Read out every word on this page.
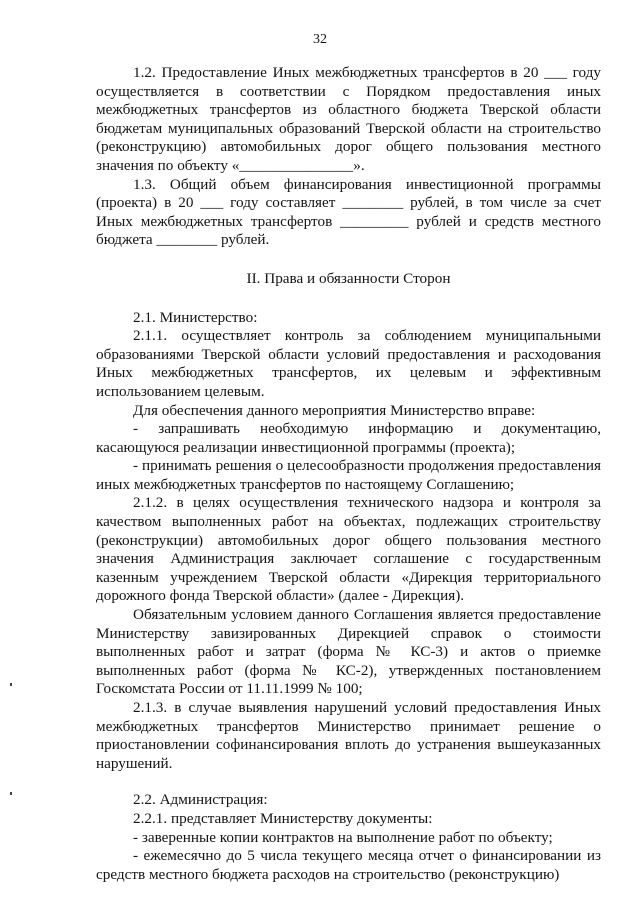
32

1.2. Предоставление Иных межбюджетных трансфертов в 20 ___ году осуществляется в соответствии с Порядком предоставления иных межбюджетных трансфертов из областного бюджета Тверской области бюджетам муниципальных образований Тверской области на строительство (реконструкцию) автомобильных дорог общего пользования местного значения по объекту «_______________».

1.3. Общий объем финансирования инвестиционной программы (проекта) в 20 ___ году составляет ________ рублей, в том числе за счет Иных межбюджетных трансфертов _________ рублей и средств местного бюджета ________ рублей.

II. Права и обязанности Сторон

2.1. Министерство:

2.1.1. осуществляет контроль за соблюдением муниципальными образованиями Тверской области условий предоставления и расходования Иных межбюджетных трансфертов, их целевым и эффективным использованием целевым.

Для обеспечения данного мероприятия Министерство вправе:

- запрашивать необходимую информацию и документацию, касающуюся реализации инвестиционной программы (проекта);

- принимать решения о целесообразности продолжения предоставления иных межбюджетных трансфертов по настоящему Соглашению;

2.1.2. в целях осуществления технического надзора и контроля за качеством выполненных работ на объектах, подлежащих строительству (реконструкции) автомобильных дорог общего пользования местного значения Администрация заключает соглашение с государственным казенным учреждением Тверской области «Дирекция территориального дорожного фонда Тверской области» (далее - Дирекция).

Обязательным условием данного Соглашения является предоставление Министерству завизированных Дирекцией справок о стоимости выполненных работ и затрат (форма № КС-3) и актов о приемке выполненных работ (форма № КС-2), утвержденных постановлением Госкомстата России от 11.11.1999 № 100;

2.1.3. в случае выявления нарушений условий предоставления Иных межбюджетных трансфертов Министерство принимает решение о приостановлении софинансирования вплоть до устранения вышеуказанных нарушений.

2.2. Администрация:

2.2.1. представляет Министерству документы:

- заверенные копии контрактов на выполнение работ по объекту;

- ежемесячно до 5 числа текущего месяца отчет о финансировании из средств местного бюджета расходов на строительство (реконструкцию)
